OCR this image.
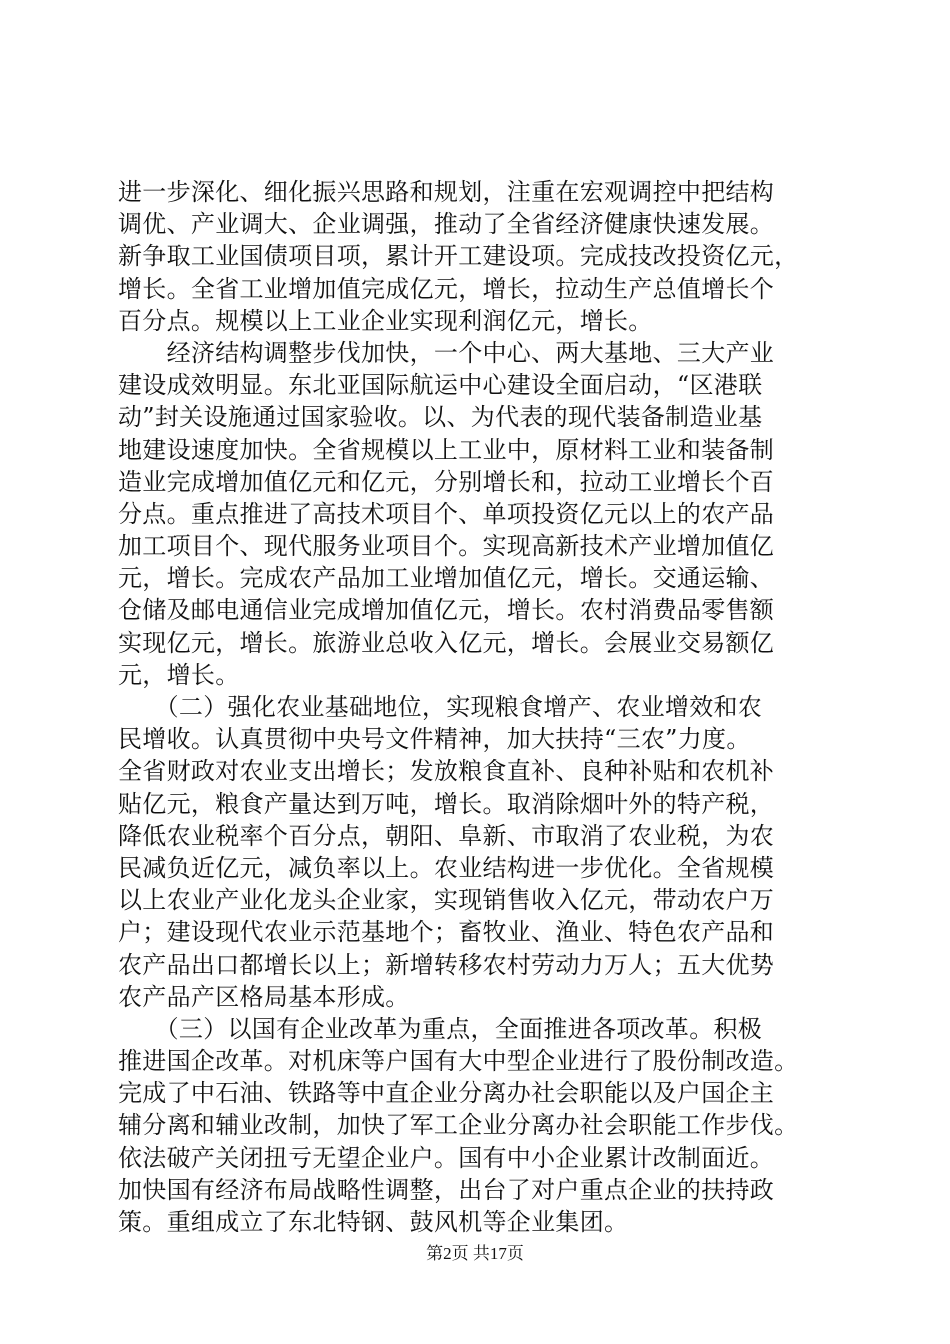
进一步深化、细化振兴思路和规划，注重在宏观调控中把结构
调优、产业调大、企业调强，推动了全省经济健康快速发展。
新争取工业国债项目项，累计开工建设项。完成技改投资亿元，
增长。全省工业增加值完成亿元，增长，拉动生产总值增长个
百分点。规模以上工业企业实现利润亿元，增长。
　　经济结构调整步伐加快，一个中心、两大基地、三大产业
建设成效明显。东北亚国际航运中心建设全面启动，“区港联
动”封关设施通过国家验收。以、为代表的现代装备制造业基
地建设速度加快。全省规模以上工业中，原材料工业和装备制
造业完成增加值亿元和亿元，分别增长和，拉动工业增长个百
分点。重点推进了高技术项目个、单项投资亿元以上的农产品
加工项目个、现代服务业项目个。实现高新技术产业增加值亿
元，增长。完成农产品加工业增加值亿元，增长。交通运输、
仓储及邮电通信业完成增加值亿元，增长。农村消费品零售额
实现亿元，增长。旅游业总收入亿元，增长。会展业交易额亿
元，增长。
　　（二）强化农业基础地位，实现粮食增产、农业增效和农
民增收。认真贯彻中央号文件精神，加大扶持“三农”力度。
全省财政对农业支出增长；发放粮食直补、良种补贴和农机补
贴亿元，粮食产量达到万吨，增长。取消除烟叶外的特产税，
降低农业税率个百分点，朝阳、阜新、市取消了农业税，为农
民减负近亿元，减负率以上。农业结构进一步优化。全省规模
以上农业产业化龙头企业家，实现销售收入亿元，带动农户万
户；建设现代农业示范基地个；畜牧业、渔业、特色农产品和
农产品出口都增长以上；新增转移农村劳动力万人；五大优势
农产品产区格局基本形成。
　　（三）以国有企业改革为重点，全面推进各项改革。积极
推进国企改革。对机床等户国有大中型企业进行了股份制改造。
完成了中石油、铁路等中直企业分离办社会职能以及户国企主
辅分离和辅业改制，加快了军工企业分离办社会职能工作步伐。
依法破产关闭扭亏无望企业户。国有中小企业累计改制面近。
加快国有经济布局战略性调整，出台了对户重点企业的扶持政
策。重组成立了东北特钢、鼓风机等企业集团。
第2页 共17页
